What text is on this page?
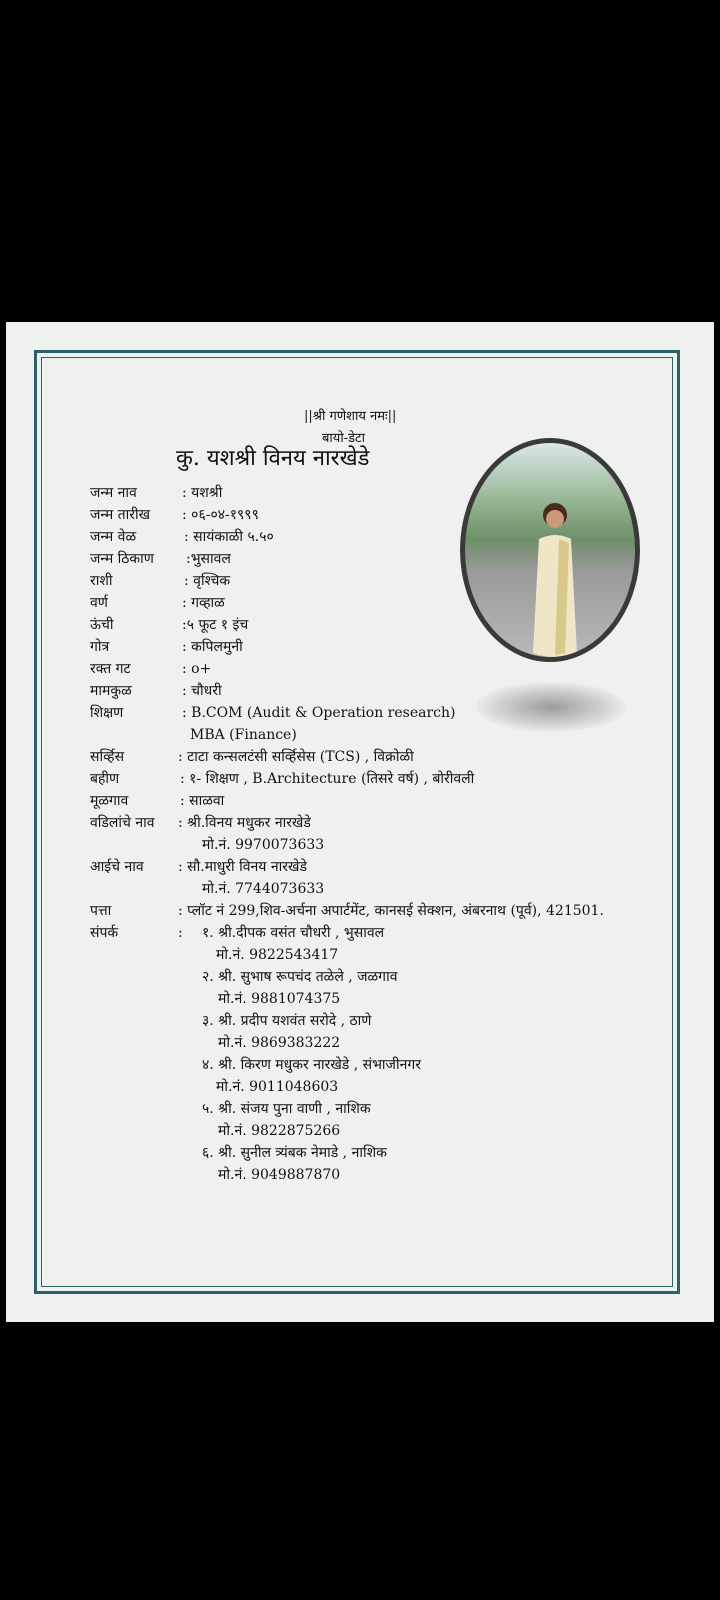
||श्री गणेशाय नमः||
बायो-डेटा
कु. यशश्री विनय नारखेडे
जन्म नाव	: यशश्री
जन्म तारीख : ०६-०४-१९९९
जन्म वेळ	: सायंकाळी ५.५०
जन्म ठिकाण :भुसावल
राशी	: वृश्चिक
वर्ण	: गव्हाळ
ऊंची	:५ फूट १ इंच
गोत्र	: कपिलमुनी
रक्त गट	: o+
मामकुळ	: चौधरी
शिक्षण	: B.COM (Audit & Operation research)
MBA (Finance)
सर्व्हिस	: टाटा कन्सलटंसी सर्व्हिसेस (TCS) , विक्रोळी
बहीण	: १- शिक्षण , B.Architecture (तिसरे वर्ष) , बोरीवली
मूळगाव	: साळवा
वडिलांचे नाव : श्री.विनय मधुकर नारखेडे
मो.नं. 9970073633
आईचे नाव : सौ.माधुरी विनय नारखेडे
मो.नं. 7744073633
पत्ता	: प्लॉट नं 299,शिव-अर्चना अपार्टमेंट, कानसई सेक्शन, अंबरनाथ (पूर्व), 421501.
संपर्क	: १. श्री.दीपक वसंत चौधरी , भुसावल
मो.नं. 9822543417
२. श्री. सुभाष रूपचंद तळेले , जळगाव
मो.नं. 9881074375
३. श्री. प्रदीप यशवंत सरोदे , ठाणे
मो.नं. 9869383222
४. श्री. किरण मधुकर नारखेडे , संभाजीनगर
मो.नं. 9011048603
५. श्री. संजय पुना वाणी , नाशिक
मो.नं. 9822875266
६. श्री. सुनील त्र्यंबक नेमाडे , नाशिक
मो.नं. 9049887870
